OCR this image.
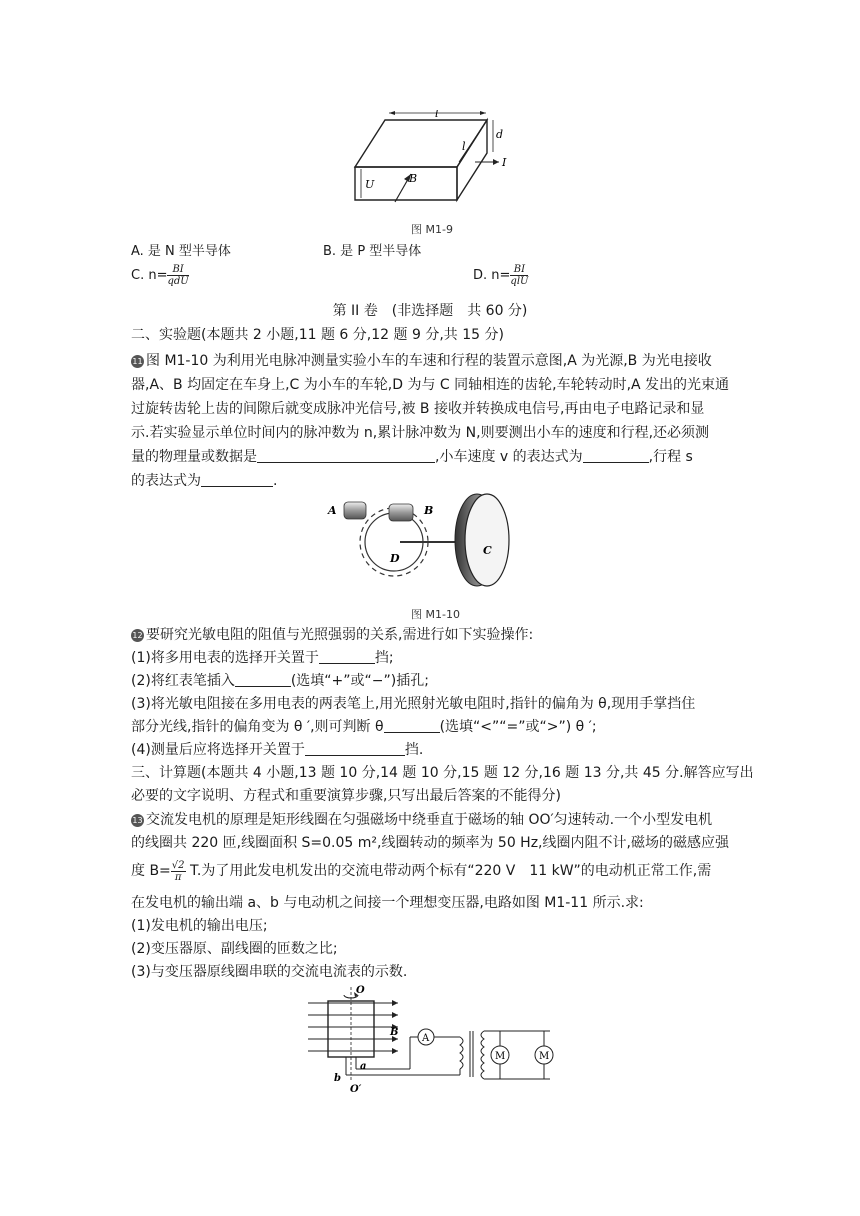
l
d
l
I
U	B
图 M1-9
A. 是 N 型半导体	B. 是 P 型半导体
C. $n= \frac{BI}{\text{qdU}}$	D. $n= \frac{BI}{\text{qlU}}$
第 II 卷　(非选择题　共 60 分)
二、实验题(本题共 2 小题,11 题 6 分,12 题 9 分,共 15 分)
11 图 M1-10 为利用光电脉冲测量实验小车的车速和行程的装置示意图,A 为光源,B 为光电接收
器,A、B 均固定在车身上,C 为小车的车轮,D 为与 C 同轴相连的齿轮,车轮转动时,A 发出的光束通
过旋转齿轮上齿的间隙后就变成脉冲光信号,被 B 接收并转换成电信号,再由电子电路记录和显
示.若实验显示单位时间内的脉冲数为 n,累计脉冲数为 N,则要测出小车的速度和行程,还必须测
量的物理量或数据是	,小车速度 v 的表达式为	,行程 s
的表达式为	.
A	B
D
C
图 M1-10
12 要研究光敏电阻的阻值与光照强弱的关系,需进行如下实验操作:
(1)将多用电表的选择开关置于	挡;
(2)将红表笔插入	(选填“+”或“−”)插孔;
(3)将光敏电阻接在多用电表的两表笔上,用光照射光敏电阻时,指针的偏角为 θ,现用手掌挡住
部分光线,指针的偏角变为 θ ′,则可判断 θ	(选填“<”“=”或“>”) θ ′;
(4)测量后应将选择开关置于	挡.
三、计算题(本题共 4 小题,13 题 10 分,14 题 10 分,15 题 12 分,16 题 13 分,共 45 分.解答应写出
必要的文字说明、方程式和重要演算步骤,只写出最后答案的不能得分)
13 交流发电机的原理是矩形线圈在匀强磁场中绕垂直于磁场的轴 OO′匀速转动.一个小型发电机
的线圈共 220 匝,线圈面积 S=0.05 m²,线圈转动的频率为 50 Hz,线圈内阻不计,磁场的磁感应强
度 $B= \frac{√2}{\pi} T$.为了用此发电机发出的交流电带动两个标有“220 V　11 kW”的电动机正常工作,需
在发电机的输出端 a、b 与电动机之间接一个理想变压器,电路如图 M1-11 所示.求:
(1)发电机的输出电压;
(2)变压器原、副线圈的匝数之比;
(3)与变压器原线圈串联的交流电流表的示数.
O
B
a
b
O′
A
M	M
